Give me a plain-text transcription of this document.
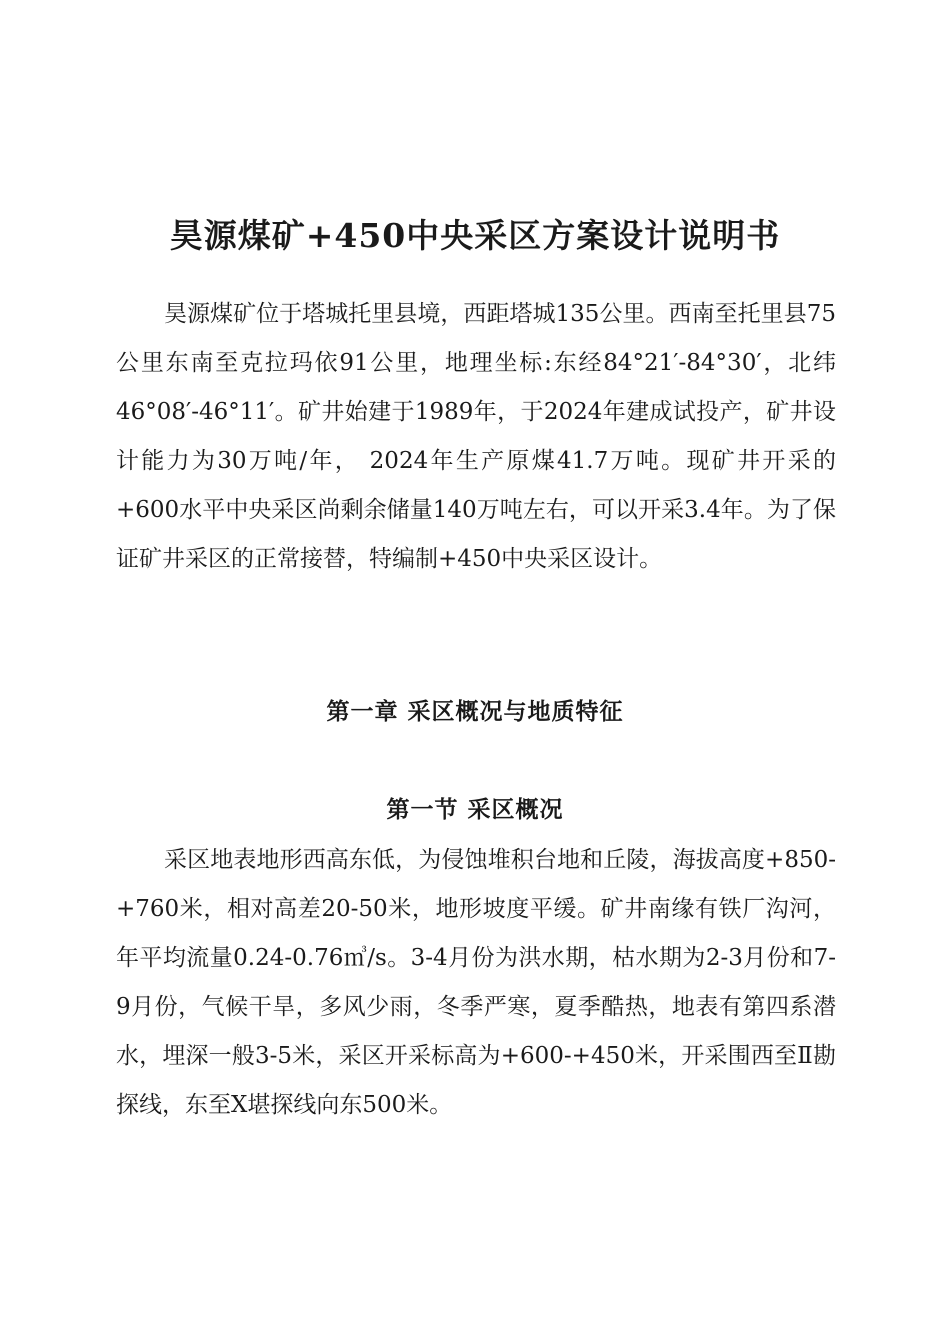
昊源煤矿+450中央采区方案设计说明书

昊源煤矿位于塔城托里县境，西距塔城135公里。西南至托里县75公里东南至克拉玛依91公里，地理坐标:东经84°21′-84°30′，北纬46°08′-46°11′。矿井始建于1989年，于2024年建成试投产，矿井设计能力为30万吨/年， 2024年生产原煤41.7万吨。现矿井开采的+600水平中央采区尚剩余储量140万吨左右，可以开采3.4年。为了保证矿井采区的正常接替，特编制+450中央采区设计。

第一章 采区概况与地质特征
第一节 采区概况

采区地表地形西高东低，为侵蚀堆积台地和丘陵，海拔高度+850-+760米，相对高差20-50米，地形坡度平缓。矿井南缘有铁厂沟河，年平均流量0.24-0.76㎥/s。3-4月份为洪水期，枯水期为2-3月份和7-9月份，气候干旱，多风少雨，冬季严寒，夏季酷热，地表有第四系潜水，埋深一般3-5米，采区开采标高为+600-+450米，开采围西至Ⅱ勘探线，东至Ⅹ堪探线向东500米。
